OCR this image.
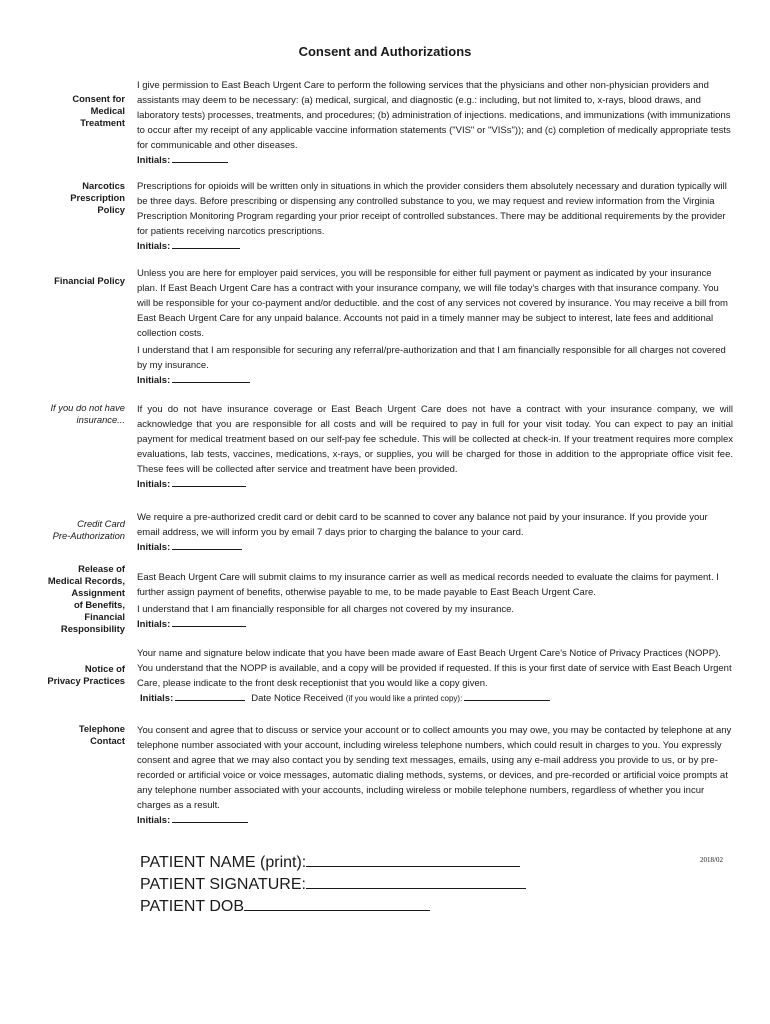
Consent and Authorizations
Consent for
Medical
Treatment

I give permission to East Beach Urgent Care to perform the following services that the physicians and other non-physician providers and assistants may deem to be necessary: (a) medical, surgical, and diagnostic (e.g.: including, but not limited to, x-rays, blood draws, and laboratory tests) processes, treatments, and procedures; (b) administration of injections. medications, and immunizations (with immunizations to occur after my receipt of any applicable vaccine information statements ("VIS" or "VISs")); and (c) completion of medically appropriate tests for communicable and other diseases.

Initials:
Narcotics
Prescription
Policy

Prescriptions for opioids will be written only in situations in which the provider considers them absolutely necessary and duration typically will be three days. Before prescribing or dispensing any controlled substance to you, we may request and review information from the Virginia Prescription Monitoring Program regarding your prior receipt of controlled substances. There may be additional requirements by the provider for patients receiving narcotics prescriptions.

Initials:
Financial Policy

Unless you are here for employer paid services, you will be responsible for either full payment or payment as indicated by your insurance plan. If East Beach Urgent Care has a contract with your insurance company, we will file today's charges with that insurance company. You will be responsible for your co-payment and/or deductible. and the cost of any services not covered by insurance. You may receive a bill from East Beach Urgent Care for any unpaid balance. Accounts not paid in a timely manner may be subject to interest, late fees and additional collection costs.

I understand that I am responsible for securing any referral/pre-authorization and that I am financially responsible for all charges not covered by my insurance.

Initials:
If you do not have
insurance...

If you do not have insurance coverage or East Beach Urgent Care does not have a contract with your insurance company, we will acknowledge that you are responsible for all costs and will be required to pay in full for your visit today. You can expect to pay an initial payment for medical treatment based on our self-pay fee schedule. This will be collected at check-in. If your treatment requires more complex evaluations, lab tests, vaccines, medications, x-rays, or supplies, you will be charged for those in addition to the appropriate office visit fee. These fees will be collected after service and treatment have been provided.

Initials:
Credit Card
Pre-Authorization

We require a pre-authorized credit card or debit card to be scanned to cover any balance not paid by your insurance. If you provide your email address, we will inform you by email 7 days prior to charging the balance to your card.

Initials:
Release of
Medical Records,
Assignment
of Benefits,
Financial
Responsibility

East Beach Urgent Care will submit claims to my insurance carrier as well as medical records needed to evaluate the claims for payment. I further assign payment of benefits, otherwise payable to me, to be made payable to East Beach Urgent Care.

I understand that I am financially responsible for all charges not covered by my insurance.

Initials:
Notice of
Privacy Practices

Your name and signature below indicate that you have been made aware of East Beach Urgent Care's Notice of Privacy Practices (NOPP). You understand that the NOPP is available, and a copy will be provided if requested. If this is your first date of service with East Beach Urgent Care, please indicate to the front desk receptionist that you would like a copy given.

Initials:	Date Notice Received (if you would like a printed copy):
Telephone
Contact

You consent and agree that to discuss or service your account or to collect amounts you may owe, you may be contacted by telephone at any telephone number associated with your account, including wireless telephone numbers, which could result in charges to you. You expressly consent and agree that we may also contact you by sending text messages, emails, using any e-mail address you provide to us, or by pre-recorded or artificial voice or voice messages, automatic dialing methods, systems, or devices, and pre-recorded or artificial voice prompts at any telephone number associated with your accounts, including wireless or mobile telephone numbers, regardless of whether you incur charges as a result.

Initials:
PATIENT NAME (print):
PATIENT SIGNATURE:
PATIENT DOB
2018/02
